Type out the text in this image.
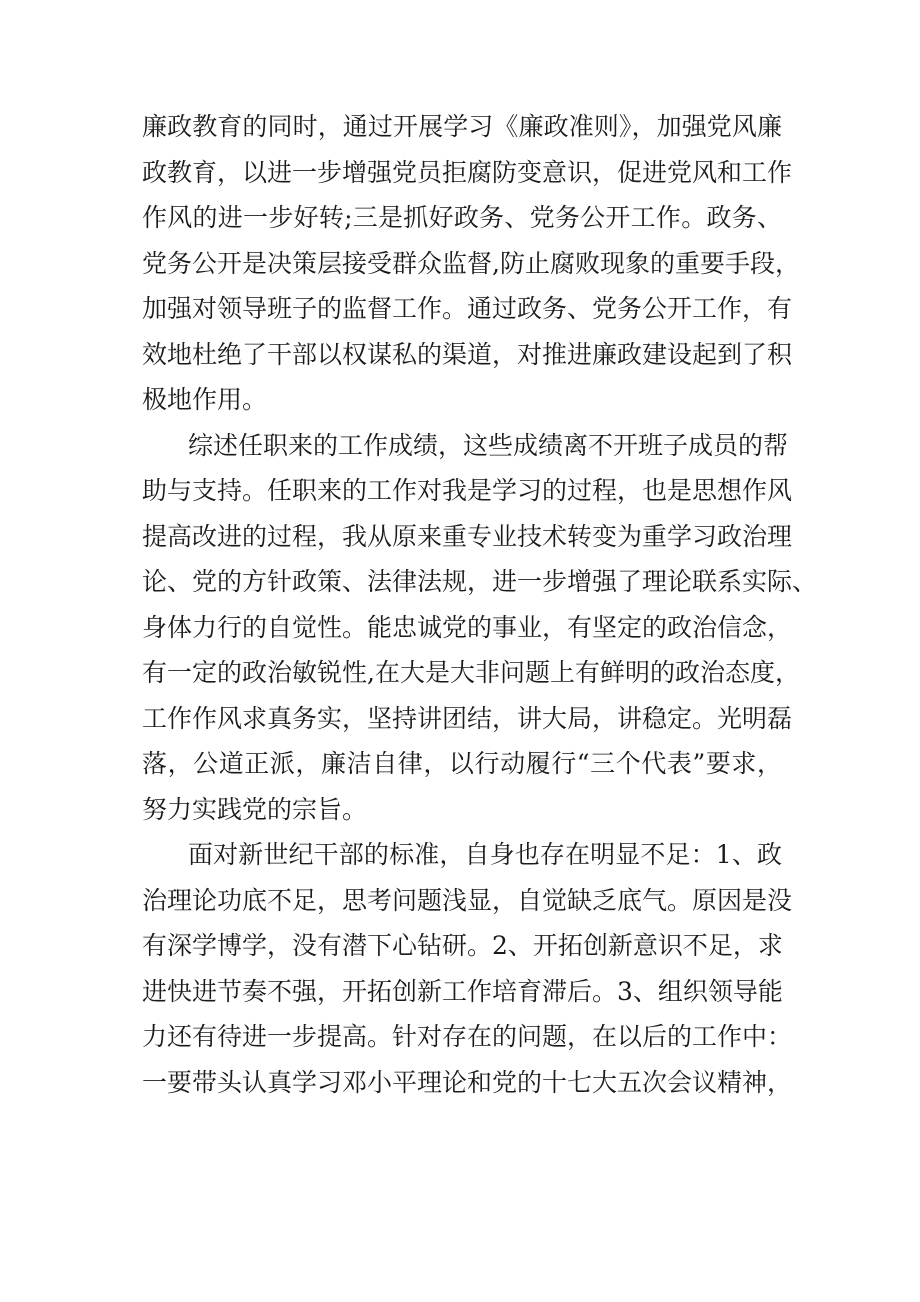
廉政教育的同时，通过开展学习《廉政准则》，加强党风廉
政教育，以进一步增强党员拒腐防变意识，促进党风和工作
作风的进一步好转;三是抓好政务、党务公开工作。政务、
党务公开是决策层接受群众监督,防止腐败现象的重要手段，
加强对领导班子的监督工作。通过政务、党务公开工作，有
效地杜绝了干部以权谋私的渠道，对推进廉政建设起到了积
极地作用。
综述任职来的工作成绩，这些成绩离不开班子成员的帮
助与支持。任职来的工作对我是学习的过程，也是思想作风
提高改进的过程，我从原来重专业技术转变为重学习政治理
论、党的方针政策、法律法规，进一步增强了理论联系实际、
身体力行的自觉性。能忠诚党的事业，有坚定的政治信念，
有一定的政治敏锐性,在大是大非问题上有鲜明的政治态度，
工作作风求真务实，坚持讲团结，讲大局，讲稳定。光明磊
落，公道正派，廉洁自律，以行动履行“三个代表”要求，
努力实践党的宗旨。
面对新世纪干部的标准，自身也存在明显不足：1、政
治理论功底不足，思考问题浅显，自觉缺乏底气。原因是没
有深学博学，没有潜下心钻研。2、开拓创新意识不足，求
进快进节奏不强，开拓创新工作培育滞后。3、组织领导能
力还有待进一步提高。针对存在的问题，在以后的工作中：
一要带头认真学习邓小平理论和党的十七大五次会议精神，
